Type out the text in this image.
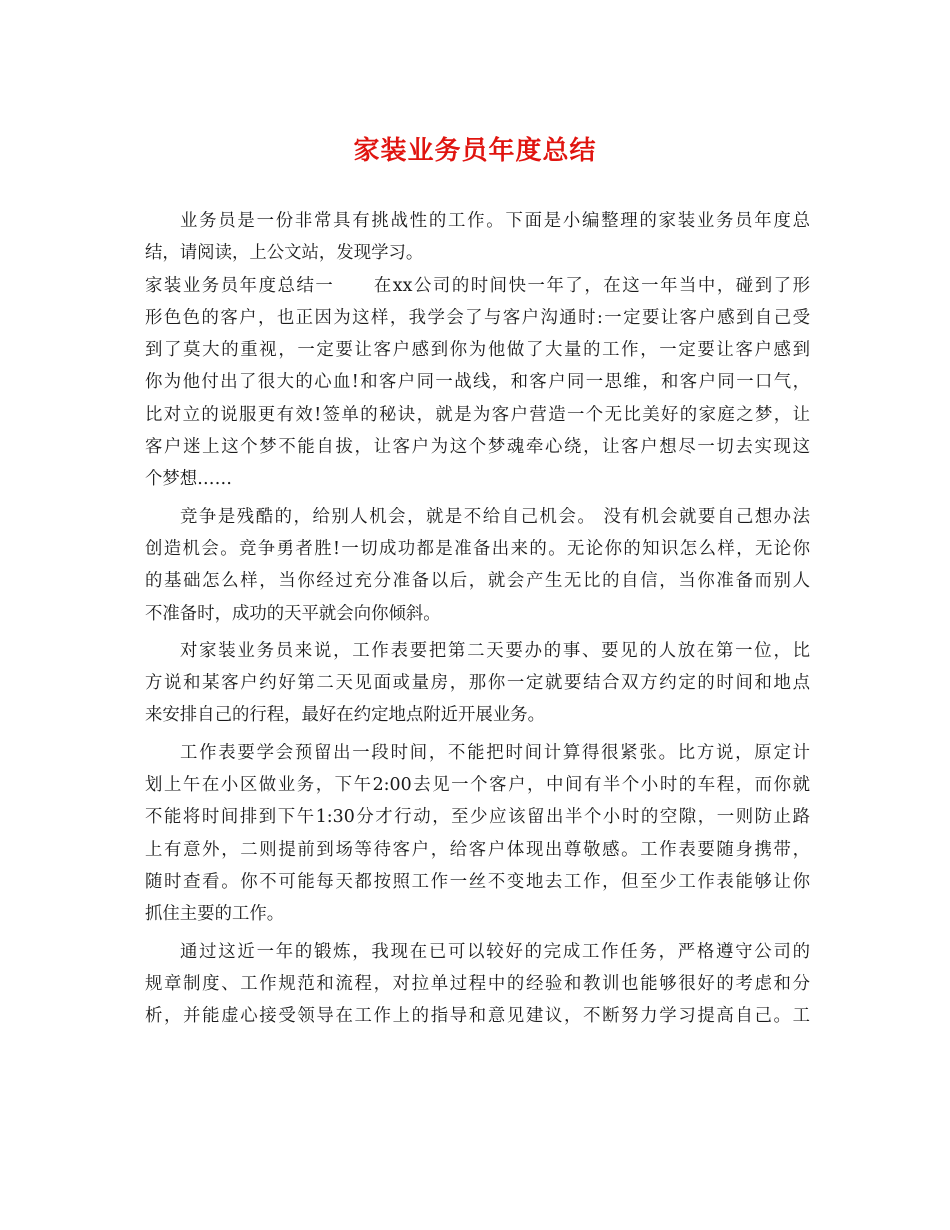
家装业务员年度总结
业务员是一份非常具有挑战性的工作。下面是小编整理的家装业务员年度总
结，请阅读，上公文站，发现学习。
家装业务员年度总结一 在xx公司的时间快一年了，在这一年当中，碰到了形
形色色的客户，也正因为这样，我学会了与客户沟通时:一定要让客户感到自己受
到了莫大的重视，一定要让客户感到你为他做了大量的工作，一定要让客户感到
你为他付出了很大的心血!和客户同一战线，和客户同一思维，和客户同一口气，
比对立的说服更有效!签单的秘诀，就是为客户营造一个无比美好的家庭之梦，让
客户迷上这个梦不能自拔，让客户为这个梦魂牵心绕，让客户想尽一切去实现这
个梦想……
竞争是残酷的，给别人机会，就是不给自己机会。 没有机会就要自己想办法
创造机会。竞争勇者胜!一切成功都是准备出来的。无论你的知识怎么样，无论你
的基础怎么样，当你经过充分准备以后，就会产生无比的自信，当你准备而别人
不准备时，成功的天平就会向你倾斜。
对家装业务员来说，工作表要把第二天要办的事、要见的人放在第一位，比
方说和某客户约好第二天见面或量房，那你一定就要结合双方约定的时间和地点
来安排自己的行程，最好在约定地点附近开展业务。
工作表要学会预留出一段时间，不能把时间计算得很紧张。比方说，原定计
划上午在小区做业务，下午2:00去见一个客户，中间有半个小时的车程，而你就
不能将时间排到下午1:30分才行动，至少应该留出半个小时的空隙，一则防止路
上有意外，二则提前到场等待客户，给客户体现出尊敬感。工作表要随身携带，
随时查看。你不可能每天都按照工作一丝不变地去工作，但至少工作表能够让你
抓住主要的工作。
通过这近一年的锻炼，我现在已可以较好的完成工作任务，严格遵守公司的
规章制度、工作规范和流程，对拉单过程中的经验和教训也能够很好的考虑和分
析，并能虚心接受领导在工作上的指导和意见建议，不断努力学习提高自己。工
